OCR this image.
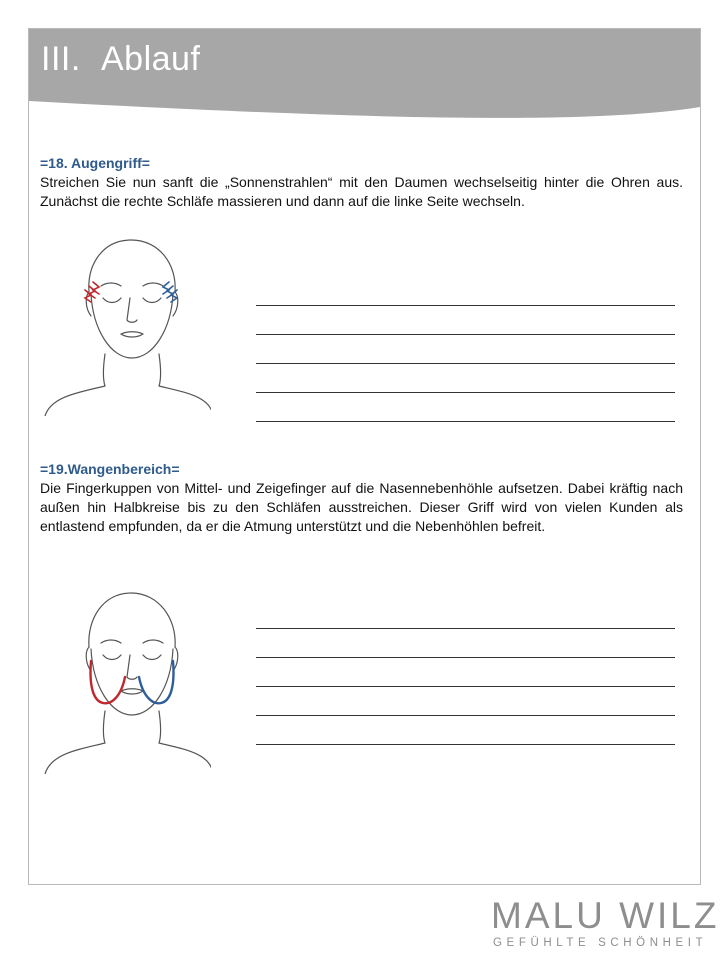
III. Ablauf
=18. Augengriff=
Streichen Sie nun sanft die „Sonnenstrahlen“ mit den Daumen wechselseitig hinter die Ohren aus. Zunächst die rechte Schläfe massieren und dann auf die linke Seite wechseln.
=19.Wangenbereich=
Die Fingerkuppen von Mittel- und Zeigefinger auf die Nasennebenhöhle aufsetzen. Dabei kräftig nach außen hin Halbkreise bis zu den Schläfen ausstreichen. Dieser Griff wird von vielen Kunden als entlastend empfunden, da er die Atmung unterstützt und die Nebenhöhlen befreit.
MALU WILZ
GEFÜHLTE SCHÖNHEIT
